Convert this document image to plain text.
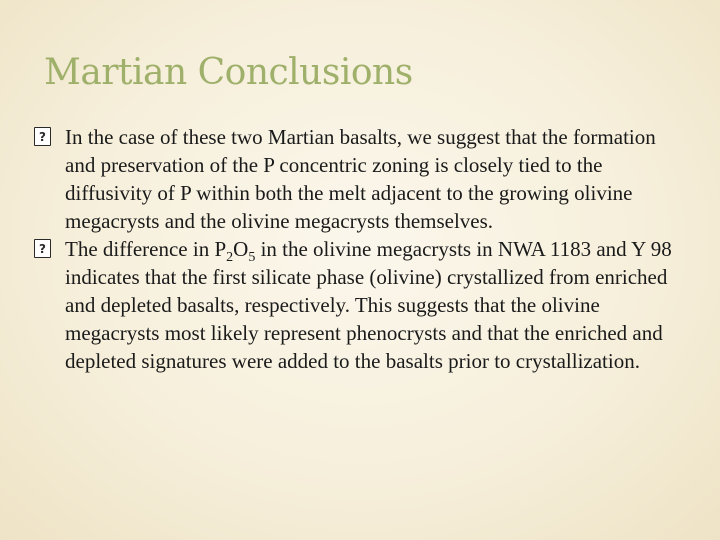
Martian Conclusions
?
In the case of these two Martian basalts, we suggest that the formation and preservation of the P concentric zoning is closely tied to the diffusivity of P within both the melt adjacent to the growing olivine megacrysts and the olivine megacrysts themselves.
?
The difference in $P_2O_5$ in the olivine megacrysts in NWA 1183 and Y 98 indicates that the first silicate phase (olivine) crystallized from enriched and depleted basalts, respectively. This suggests that the olivine megacrysts most likely represent phenocrysts and that the enriched and depleted signatures were added to the basalts prior to crystallization.
